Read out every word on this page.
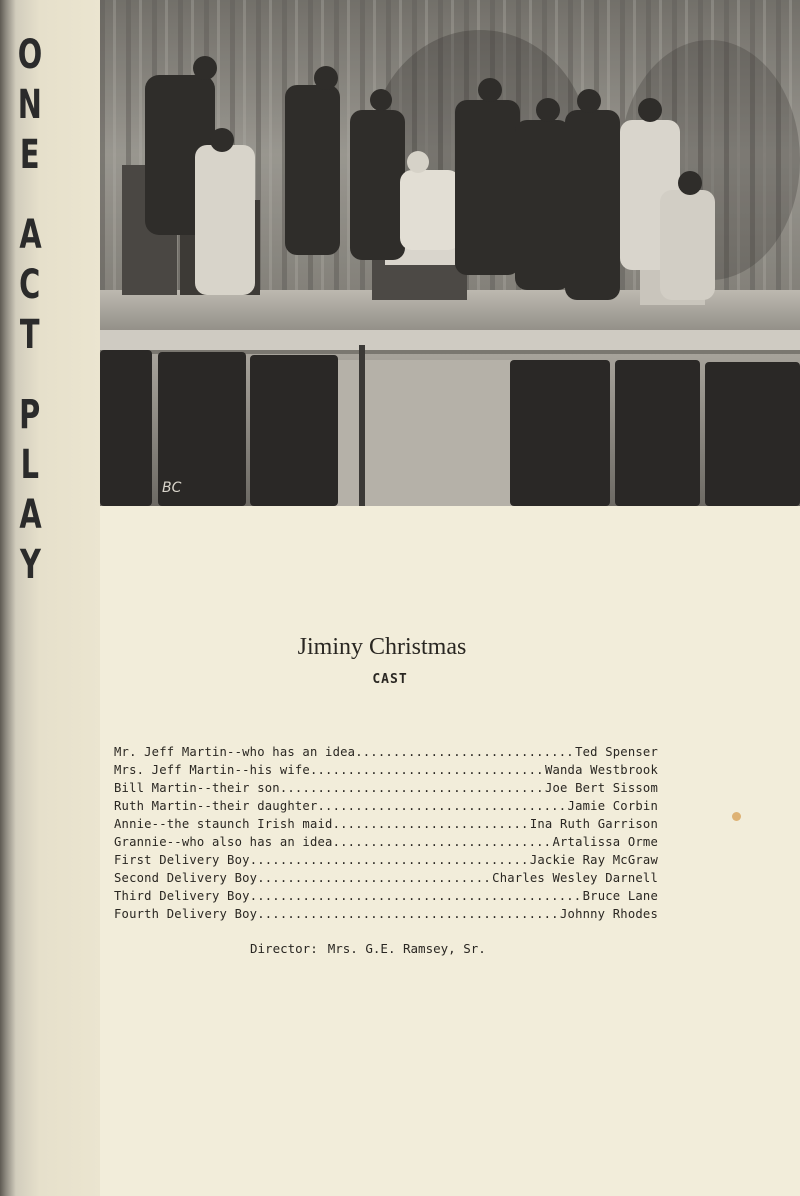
O
N
E
A
C
T
P
L
A
Y
BC
Jiminy Christmas
CAST
Mr. Jeff Martin--who has an idea .....	Ted Spenser
Mrs. Jeff Martin--his wife .....	Wanda Westbrook
Bill Martin--their son .....	Joe Bert Sissom
Ruth Martin--their daughter .....	Jamie Corbin
Annie--the staunch Irish maid .....	Ina Ruth Garrison
Grannie--who also has an idea .....	Artalissa Orme
First Delivery Boy .....	Jackie Ray McGraw
Second Delivery Boy .....	Charles Wesley Darnell
Third Delivery Boy .....	Bruce Lane
Fourth Delivery Boy .....	Johnny Rhodes
Director: Mrs. G.E. Ramsey, Sr.
